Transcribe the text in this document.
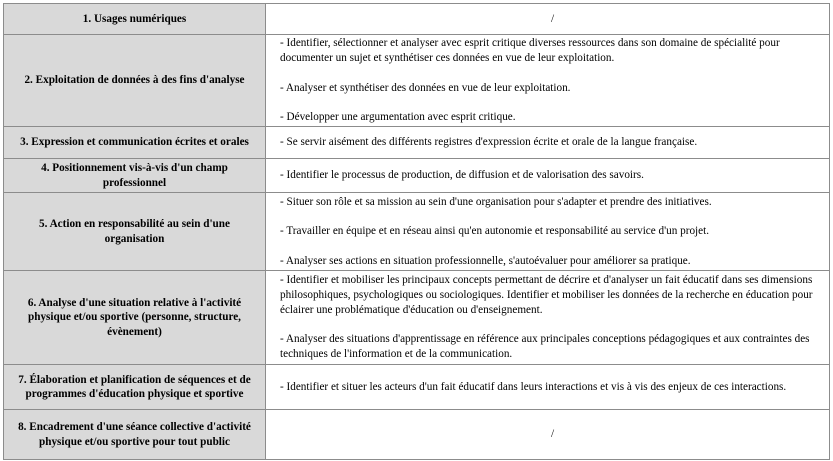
1. Usages numériques	/

2. Exploitation de données à des fins d'analyse	- Identifier, sélectionner et analyser avec esprit critique diverses ressources dans son domaine de spécialité pour documenter un sujet et synthétiser ces données en vue de leur exploitation.
- Analyser et synthétiser des données en vue de leur exploitation.
- Développer une argumentation avec esprit critique.

3. Expression et communication écrites et orales	- Se servir aisément des différents registres d'expression écrite et orale de la langue française.

4. Positionnement vis-à-vis d'un champ professionnel	- Identifier le processus de production, de diffusion et de valorisation des savoirs.

5. Action en responsabilité au sein d'une organisation	- Situer son rôle et sa mission au sein d'une organisation pour s'adapter et prendre des initiatives.
- Travailler en équipe et en réseau ainsi qu'en autonomie et responsabilité au service d'un projet.
- Analyser ses actions en situation professionnelle, s'autoévaluer pour améliorer sa pratique.

6. Analyse d'une situation relative à l'activité physique et/ou sportive (personne, structure, évènement)	- Identifier et mobiliser les principaux concepts permettant de décrire et d'analyser un fait éducatif dans ses dimensions philosophiques, psychologiques ou sociologiques. Identifier et mobiliser les données de la recherche en éducation pour éclairer une problématique d'éducation ou d'enseignement.
- Analyser des situations d'apprentissage en référence aux principales conceptions pédagogiques et aux contraintes des techniques de l'information et de la communication.

7. Élaboration et planification de séquences et de programmes d'éducation physique et sportive	- Identifier et situer les acteurs d'un fait éducatif dans leurs interactions et vis à vis des enjeux de ces interactions.

8. Encadrement d'une séance collective d'activité physique et/ou sportive pour tout public	/
